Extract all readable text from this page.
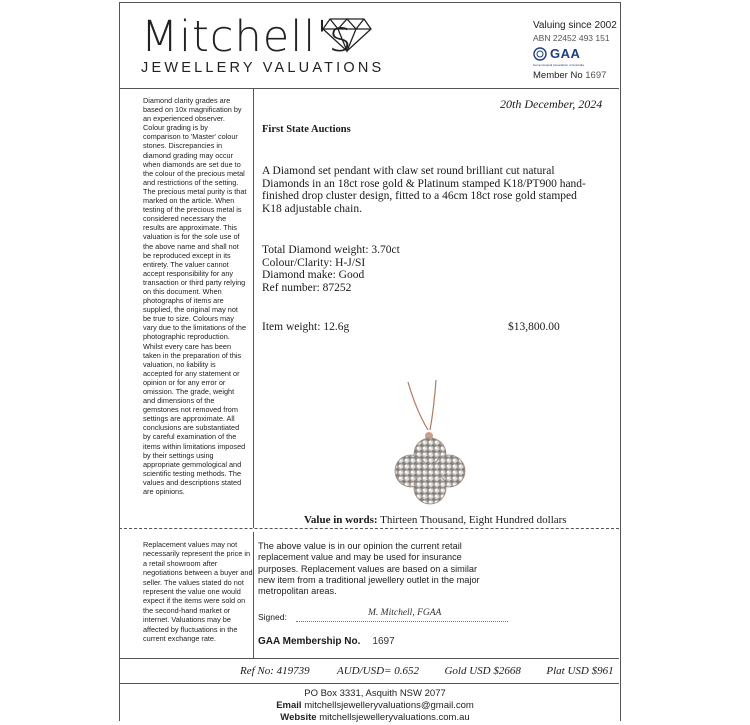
Mitchell's
JEWELLERY VALUATIONS
Valuing since 2002
ABN 22452 493 151
GAA
Gemmological Association of Australia
Member No 1697
Diamond clarity grades are based on 10x magnification by an experienced observer. Colour grading is by comparison to 'Master' colour stones. Discrepancies in diamond grading may occur when diamonds are set due to the colour of the precious metal and restrictions of the setting. The precious metal purity is that marked on the article. When testing of the precious metal is considered necessary the results are approximate. This valuation is for the sole use of the above name and shall not be reproduced except in its entirety. The valuer cannot accept responsibility for any transaction or third party relying on this document. When photographs of items are supplied, the original may not be true to size. Colours may vary due to the limitations of the photographic reproduction. Whilst every care has been taken in the preparation of this valuation, no liability is accepted for any statement or opinion or for any error or omission. The grade, weight and dimensions of the gemstones not removed from settings are approximate. All conclusions are substantiated by careful examination of the items within limitations imposed by their settings using appropriate gemmological and scientific testing methods. The values and descriptions stated are opinions.
Replacement values may not necessarily represent the price in a retail showroom after negotiations between a buyer and seller. The values stated do not represent the value one would expect if the items were sold on the second-hand market or internet. Valuations may be affected by fluctuations in the current exchange rate.
20th December, 2024
First State Auctions
A Diamond set pendant with claw set round brilliant cut natural Diamonds in an 18ct rose gold & Platinum stamped K18/PT900 hand-finished drop cluster design, fitted to a 46cm 18ct rose gold stamped K18 adjustable chain.
Total Diamond weight: 3.70ct
Colour/Clarity: H-J/SI
Diamond make: Good
Ref number: 87252
Item weight: 12.6g	$13,800.00
Value in words: Thirteen Thousand, Eight Hundred dollars
The above value is in our opinion the current retail replacement value and may be used for insurance purposes. Replacement values are based on a similar new item from a traditional jewellery outlet in the major metropolitan areas.
Signed:	M. Mitchell, FGAA
GAA Membership No. 1697
Ref No: 419739 AUD/USD= 0.652 Gold USD $2668 Plat USD $961
PO Box 3331, Asquith NSW 2077
Email mitchellsjewelleryvaluations@gmail.com
Website mitchellsjewelleryvaluations.com.au
